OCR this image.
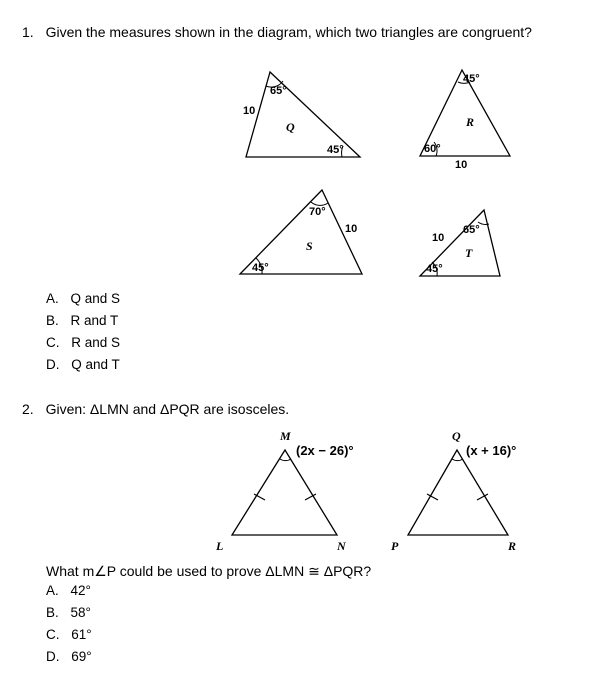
1. Given the measures shown in the diagram, which two triangles are congruent?
65°
10
Q
45°
45°
R
60°
10
70°
10
S
45°
10
65°
T
45°
M
(2x − 26)°
L	N
Q
(x + 16)°
P	R
A. Q and S
B. R and T
C. R and S
D. Q and T
2. Given: ΔLMN and ΔPQR are isosceles.
What m∠P could be used to prove ΔLMN ≅ ΔPQR?
A. 42°
B. 58°
C. 61°
D. 69°
